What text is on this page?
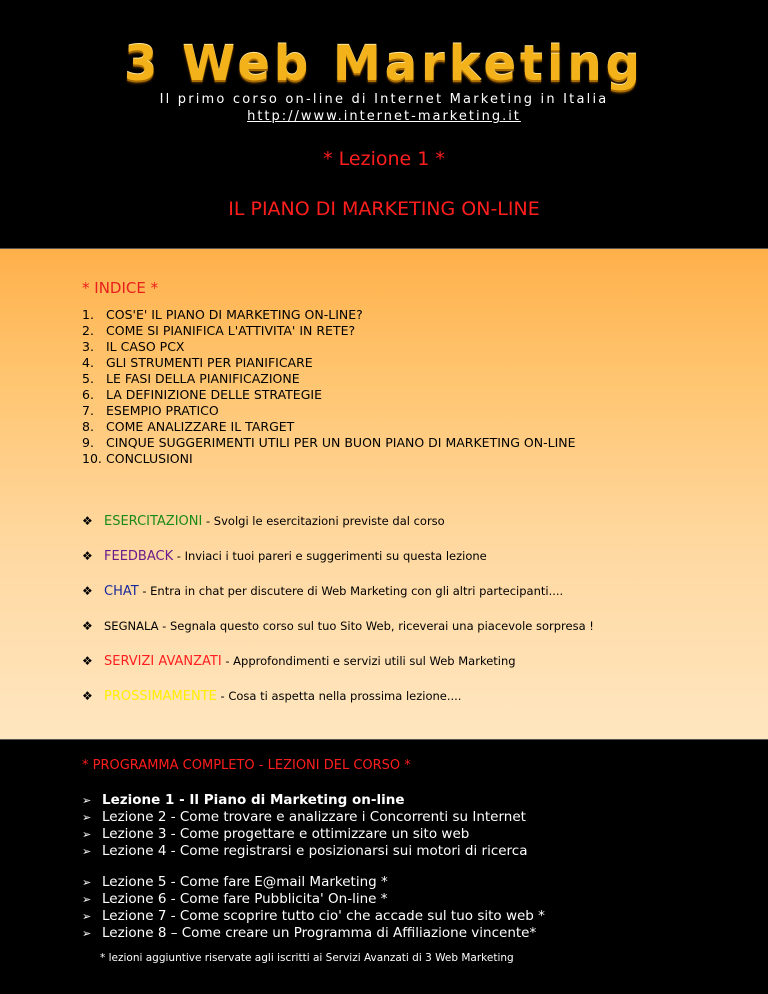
3 Web Marketing
Il primo corso on-line di Internet Marketing in Italia
http://www.internet-marketing.it
* Lezione 1 *
IL PIANO DI MARKETING ON-LINE
* INDICE *
1. COS'E' IL PIANO DI MARKETING ON-LINE?
2. COME SI PIANIFICA L'ATTIVITA' IN RETE?
3. IL CASO PCX
4. GLI STRUMENTI PER PIANIFICARE
5. LE FASI DELLA PIANIFICAZIONE
6. LA DEFINIZIONE DELLE STRATEGIE
7. ESEMPIO PRATICO
8. COME ANALIZZARE IL TARGET
9. CINQUE SUGGERIMENTI UTILI PER UN BUON PIANO DI MARKETING ON-LINE
10. CONCLUSIONI
❖ ESERCITAZIONI - Svolgi le esercitazioni previste dal corso
❖ FEEDBACK - Inviaci i tuoi pareri e suggerimenti su questa lezione
❖ CHAT - Entra in chat per discutere di Web Marketing con gli altri partecipanti....
❖ SEGNALA - Segnala questo corso sul tuo Sito Web, riceverai una piacevole sorpresa !
❖ SERVIZI AVANZATI - Approfondimenti e servizi utili sul Web Marketing
❖ PROSSIMAMENTE - Cosa ti aspetta nella prossima lezione....
* PROGRAMMA COMPLETO - LEZIONI DEL CORSO *
➢ Lezione 1 - Il Piano di Marketing on-line
➢ Lezione 2 - Come trovare e analizzare i Concorrenti su Internet
➢ Lezione 3 - Come progettare e ottimizzare un sito web
➢ Lezione 4 - Come registrarsi e posizionarsi sui motori di ricerca
➢ Lezione 5 - Come fare E@mail Marketing *
➢ Lezione 6 - Come fare Pubblicita' On-line *
➢ Lezione 7 - Come scoprire tutto cio' che accade sul tuo sito web *
➢ Lezione 8 – Come creare un Programma di Affiliazione vincente*
* lezioni aggiuntive riservate agli iscritti ai Servizi Avanzati di 3 Web Marketing
